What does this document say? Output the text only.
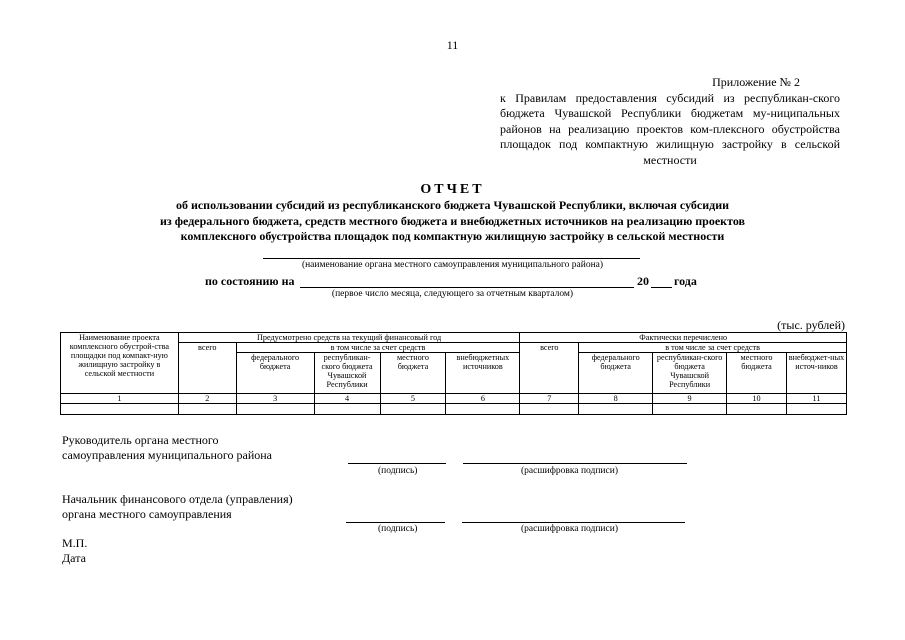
11
Приложение № 2
к Правилам предоставления субсидий из республикан-ского бюджета Чувашской Республики бюджетам му-ниципальных районов на реализацию проектов ком-плексного обустройства площадок под компактную жилищную застройку в сельской местности
ОТЧЕТ
об использовании субсидий из республиканского бюджета Чувашской Республики, включая субсидии
из федерального бюджета, средств местного бюджета и внебюджетных источников на реализацию проектов
комплексного обустройства площадок под компактную жилищную застройку в сельской местности
(наименование органа местного самоуправления муниципального района)
по состоянию на	20 года
(первое число месяца, следующего за отчетным кварталом)
(тыс. рублей)
Наименование проекта комплексного обустрой-ства площадки под компакт-ную жилищную застройку в сельской местности	Предусмотрено средств на текущий финансовый год					Фактически перечислено				
	всего	в том числе за счет средств				всего	в том числе за счет средств			
		федерального бюджета	республикан-ского бюджета Чувашской Республики	местного бюджета	внебюджетных источников		федерального бюджета	республикан-ского бюджета Чувашской Республики	местного бюджета	внебюджет-ных источ-ников
1	2	3	4	5	6	7	8	9	10	11

Руководитель органа местного
самоуправления муниципального района
(подпись)	(расшифровка подписи)
Начальник финансового отдела (управления)
органа местного самоуправления
(подпись)	(расшифровка подписи)
М.П.
Дата
